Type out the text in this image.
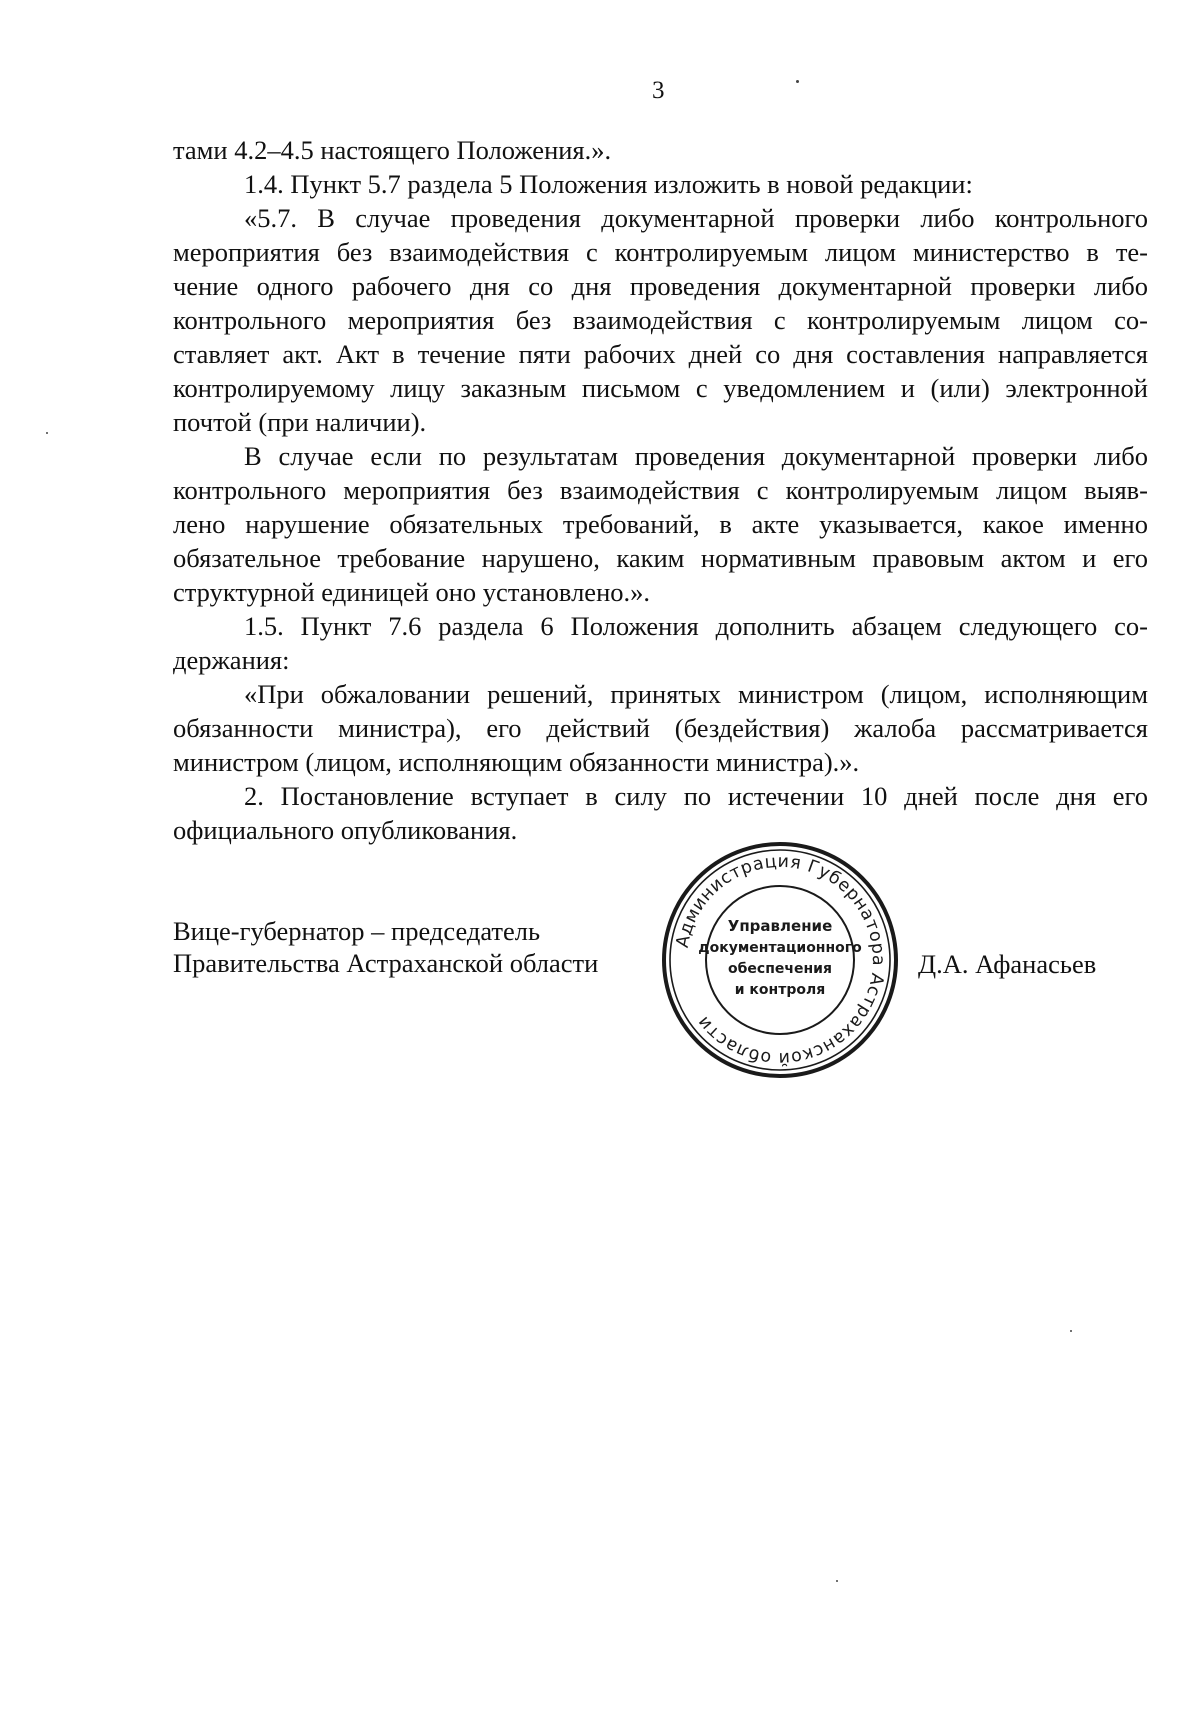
3
тами 4.2–4.5 настоящего Положения.».
1.4. Пункт 5.7 раздела 5 Положения изложить в новой редакции:
«5.7. В случае проведения документарной проверки либо контрольного
мероприятия без взаимодействия с контролируемым лицом министерство в те-
чение одного рабочего дня со дня проведения документарной проверки либо
контрольного мероприятия без взаимодействия с контролируемым лицом со-
ставляет акт. Акт в течение пяти рабочих дней со дня составления направляется
контролируемому лицу заказным письмом с уведомлением и (или) электронной
почтой (при наличии).
В случае если по результатам проведения документарной проверки либо
контрольного мероприятия без взаимодействия с контролируемым лицом выяв-
лено нарушение обязательных требований, в акте указывается, какое именно
обязательное требование нарушено, каким нормативным правовым актом и его
структурной единицей оно установлено.».
1.5. Пункт 7.6 раздела 6 Положения дополнить абзацем следующего со-
держания:
«При обжаловании решений, принятых министром (лицом, исполняющим
обязанности министра), его действий (бездействия) жалоба рассматривается
министром (лицом, исполняющим обязанности министра).».
2. Постановление вступает в силу по истечении 10 дней после дня его
официального опубликования.
Вице-губернатор – председатель
Правительства Астраханской области
Администрация Губернатора Астраханской области
Управление
документационного
обеспечения
и контроля
Д.А. Афанасьев
